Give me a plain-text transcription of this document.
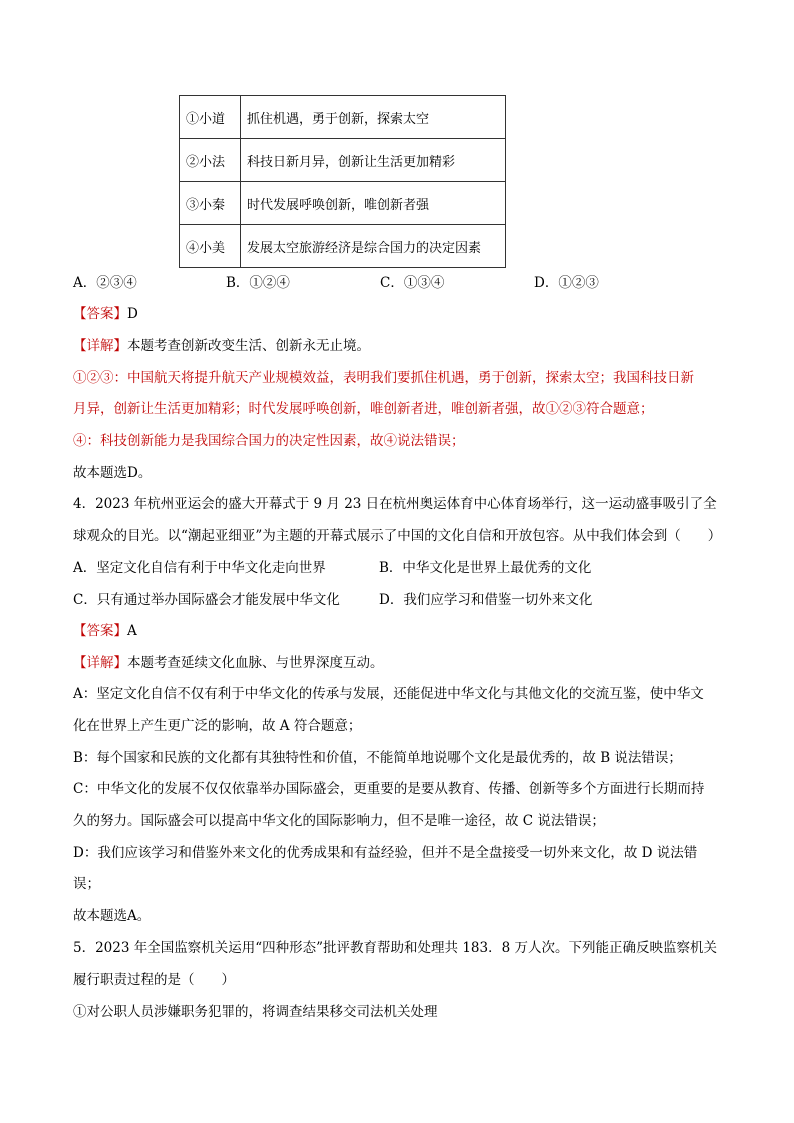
①小道	抓住机遇，勇于创新，探索太空
②小法	科技日新月异，创新让生活更加精彩
③小秦	时代发展呼唤创新，唯创新者强
④小美	发展太空旅游经济是综合国力的决定因素
A．②③④	B．①②④	C．①③④	D．①②③
【答案】D
【详解】本题考查创新改变生活、创新永无止境。
①②③：中国航天将提升航天产业规模效益，表明我们要抓住机遇，勇于创新，探索太空；我国科技日新
月异，创新让生活更加精彩；时代发展呼唤创新，唯创新者进，唯创新者强，故①②③符合题意；
④：科技创新能力是我国综合国力的决定性因素，故④说法错误；
故本题选D。
4．2023 年杭州亚运会的盛大开幕式于 9 月 23 日在杭州奥运体育中心体育场举行，这一运动盛事吸引了全
球观众的目光。以“潮起亚细亚”为主题的开幕式展示了中国的文化自信和开放包容。从中我们体会到（　　）
A．坚定文化自信有利于中华文化走向世界	B．中华文化是世界上最优秀的文化
C．只有通过举办国际盛会才能发展中华文化	D．我们应学习和借鉴一切外来文化
【答案】A
【详解】本题考查延续文化血脉、与世界深度互动。
A：坚定文化自信不仅有利于中华文化的传承与发展，还能促进中华文化与其他文化的交流互鉴，使中华文
化在世界上产生更广泛的影响，故 A 符合题意；
B：每个国家和民族的文化都有其独特性和价值，不能简单地说哪个文化是最优秀的，故 B 说法错误；
C：中华文化的发展不仅仅依靠举办国际盛会，更重要的是要从教育、传播、创新等多个方面进行长期而持
久的努力。国际盛会可以提高中华文化的国际影响力，但不是唯一途径，故 C 说法错误；
D：我们应该学习和借鉴外来文化的优秀成果和有益经验，但并不是全盘接受一切外来文化，故 D 说法错
误；
故本题选A。
5．2023 年全国监察机关运用“四种形态”批评教育帮助和处理共 183．8 万人次。下列能正确反映监察机关
履行职责过程的是（　　）
①对公职人员涉嫌职务犯罪的，将调查结果移交司法机关处理
